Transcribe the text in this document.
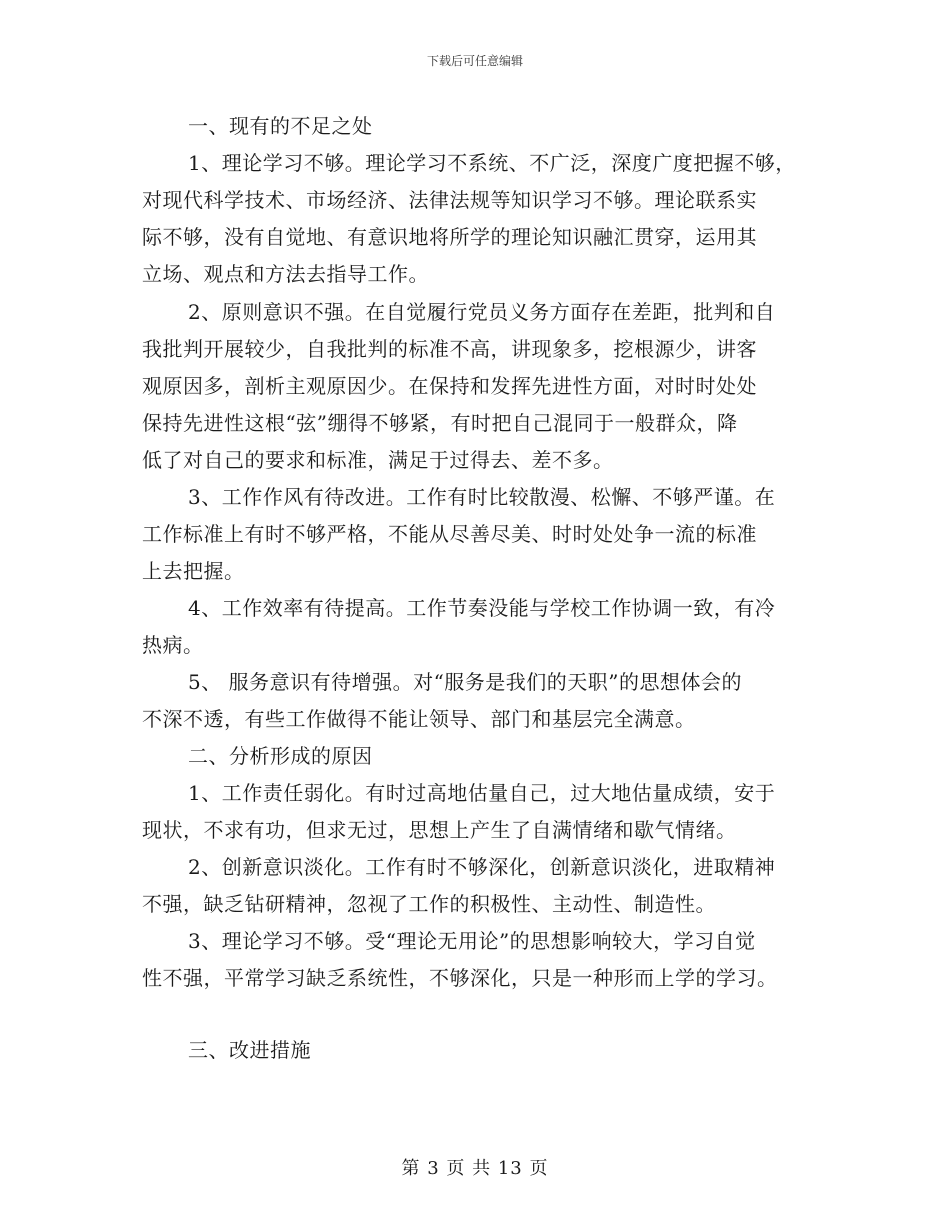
下载后可任意编辑
一、现有的不足之处
1、理论学习不够。理论学习不系统、不广泛，深度广度把握不够，
对现代科学技术、市场经济、法律法规等知识学习不够。理论联系实
际不够，没有自觉地、有意识地将所学的理论知识融汇贯穿，运用其
立场、观点和方法去指导工作。
2、原则意识不强。在自觉履行党员义务方面存在差距，批判和自
我批判开展较少，自我批判的标准不高，讲现象多，挖根源少，讲客
观原因多，剖析主观原因少。在保持和发挥先进性方面，对时时处处
保持先进性这根“弦”绷得不够紧，有时把自己混同于一般群众，降
低了对自己的要求和标准，满足于过得去、差不多。
3、工作作风有待改进。工作有时比较散漫、松懈、不够严谨。在
工作标准上有时不够严格，不能从尽善尽美、时时处处争一流的标准
上去把握。
4、工作效率有待提高。工作节奏没能与学校工作协调一致，有冷
热病。
5、 服务意识有待增强。对“服务是我们的天职”的思想体会的
不深不透，有些工作做得不能让领导、部门和基层完全满意。
二、分析形成的原因
1、工作责任弱化。有时过高地估量自己，过大地估量成绩，安于
现状，不求有功，但求无过，思想上产生了自满情绪和歇气情绪。
2、创新意识淡化。工作有时不够深化，创新意识淡化，进取精神
不强，缺乏钻研精神，忽视了工作的积极性、主动性、制造性。
3、理论学习不够。受“理论无用论”的思想影响较大，学习自觉
性不强，平常学习缺乏系统性，不够深化，只是一种形而上学的学习。
三、改进措施
第 3 页 共 13 页
